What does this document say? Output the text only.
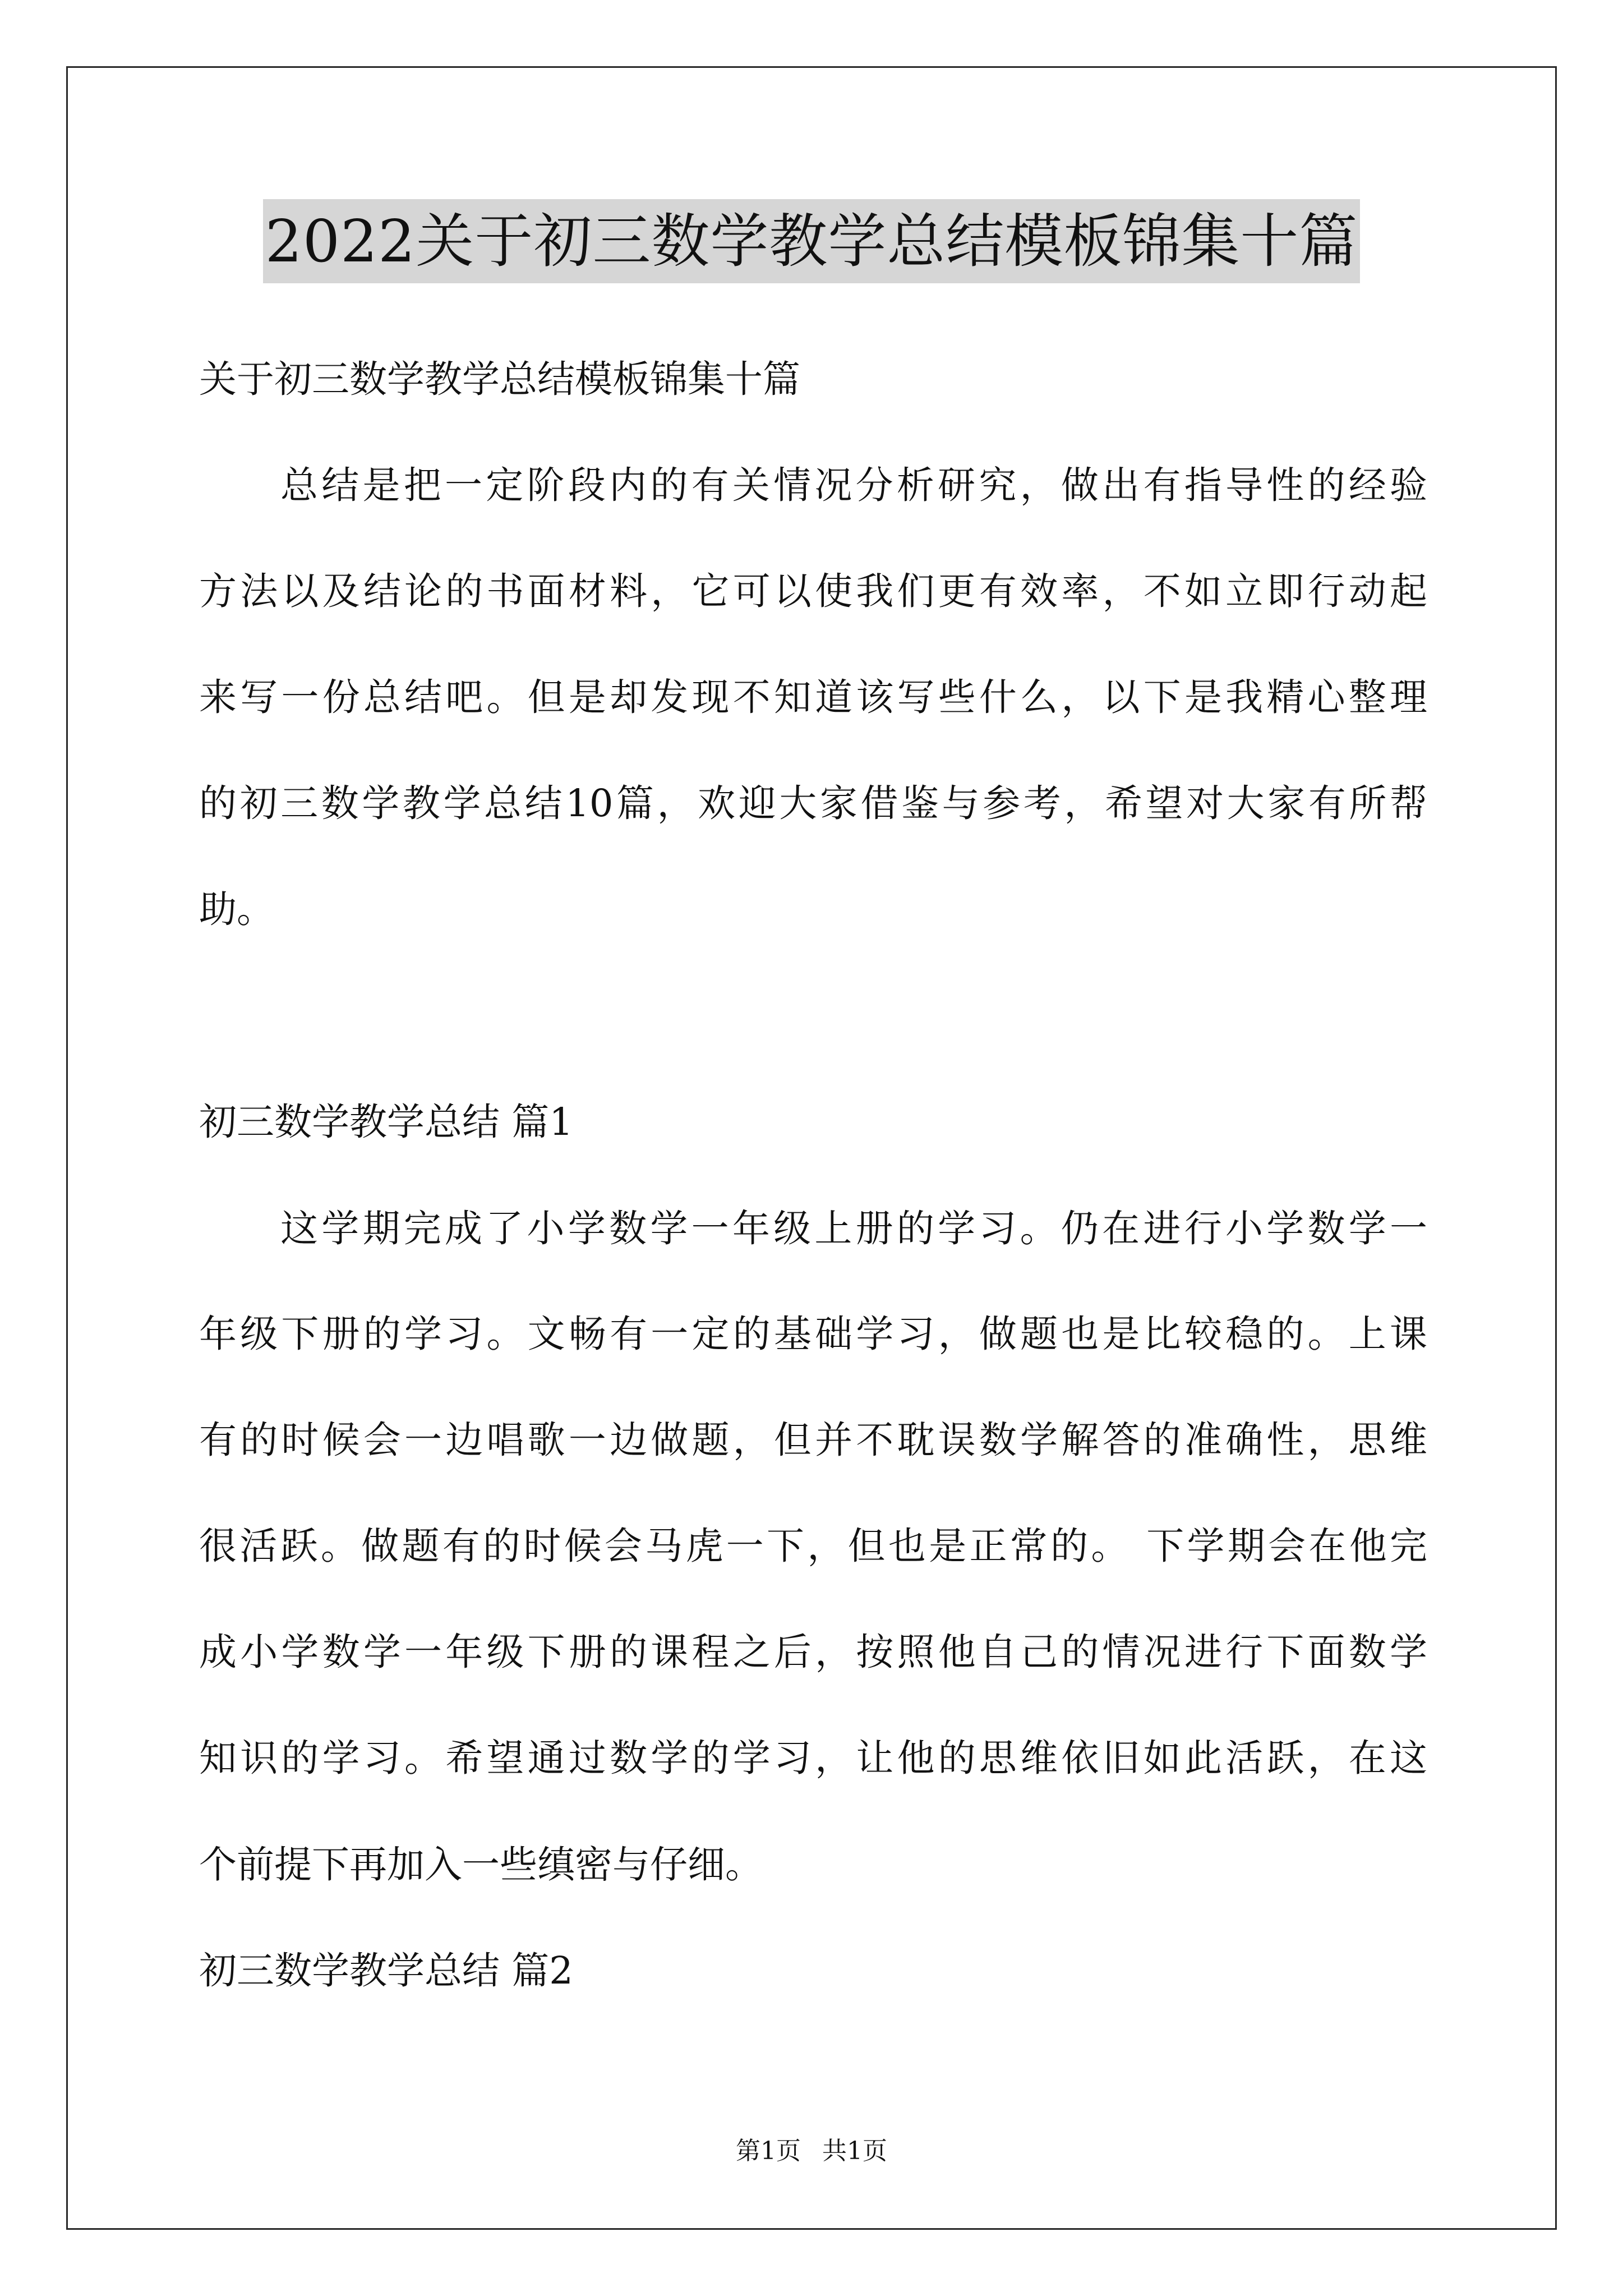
2022关于初三数学教学总结模板锦集十篇
关于初三数学教学总结模板锦集十篇
总结是把一定阶段内的有关情况分析研究，做出有指导性的经验
方法以及结论的书面材料，它可以使我们更有效率，不如立即行动起
来写一份总结吧。但是却发现不知道该写些什么，以下是我精心整理
的初三数学教学总结10篇，欢迎大家借鉴与参考，希望对大家有所帮
助。
初三数学教学总结 篇1
这学期完成了小学数学一年级上册的学习。仍在进行小学数学一
年级下册的学习。文畅有一定的基础学习，做题也是比较稳的。上课
有的时候会一边唱歌一边做题，但并不耽误数学解答的准确性，思维
很活跃。做题有的时候会马虎一下，但也是正常的。 下学期会在他完
成小学数学一年级下册的课程之后，按照他自己的情况进行下面数学
知识的学习。希望通过数学的学习，让他的思维依旧如此活跃，在这
个前提下再加入一些缜密与仔细。
初三数学教学总结 篇2
第1页 共1页
